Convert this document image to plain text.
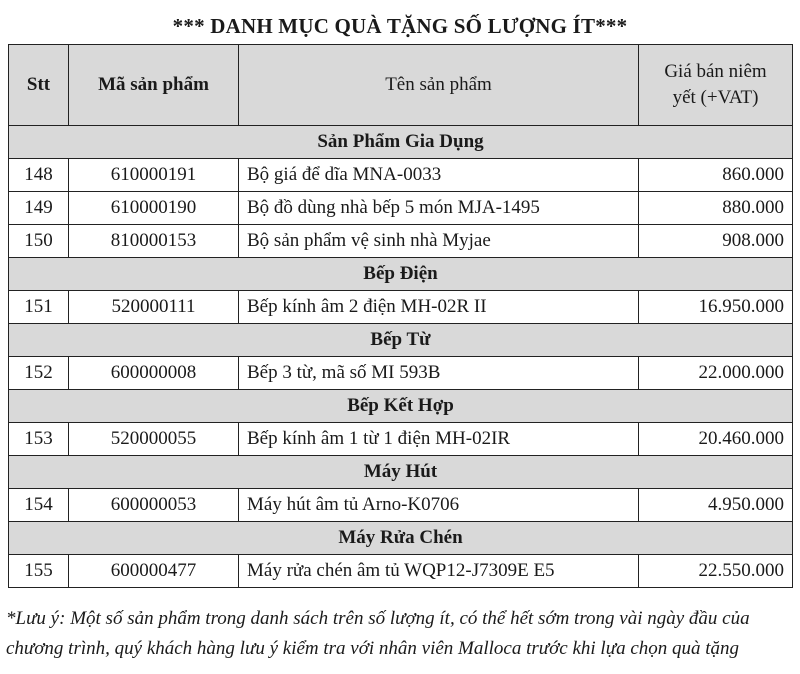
*** DANH MỤC QUÀ TẶNG SỐ LƯỢNG ÍT***
Stt	Mã sản phẩm	Tên sản phẩm	Giá bán niêm
yết (+VAT)

Sản Phẩm Gia Dụng			
148	610000191	Bộ giá để dĩa MNA-0033	860.000
149	610000190	Bộ đồ dùng nhà bếp 5 món MJA-1495	880.000
150	810000153	Bộ sản phẩm vệ sinh nhà Myjae	908.000
Bếp Điện			
151	520000111	Bếp kính âm 2 điện MH-02R II	16.950.000
Bếp Từ			
152	600000008	Bếp 3 từ, mã số MI 593B	22.000.000
Bếp Kết Hợp			
153	520000055	Bếp kính âm 1 từ 1 điện MH-02IR	20.460.000
Máy Hút			
154	600000053	Máy hút âm tủ Arno-K0706	4.950.000
Máy Rửa Chén			
155	600000477	Máy rửa chén âm tủ WQP12-J7309E E5	22.550.000
*Lưu ý: Một số sản phẩm trong danh sách trên số lượng ít, có thể hết sớm trong vài ngày đầu của
chương trình, quý khách hàng lưu ý kiểm tra với nhân viên Malloca trước khi lựa chọn quà tặng
